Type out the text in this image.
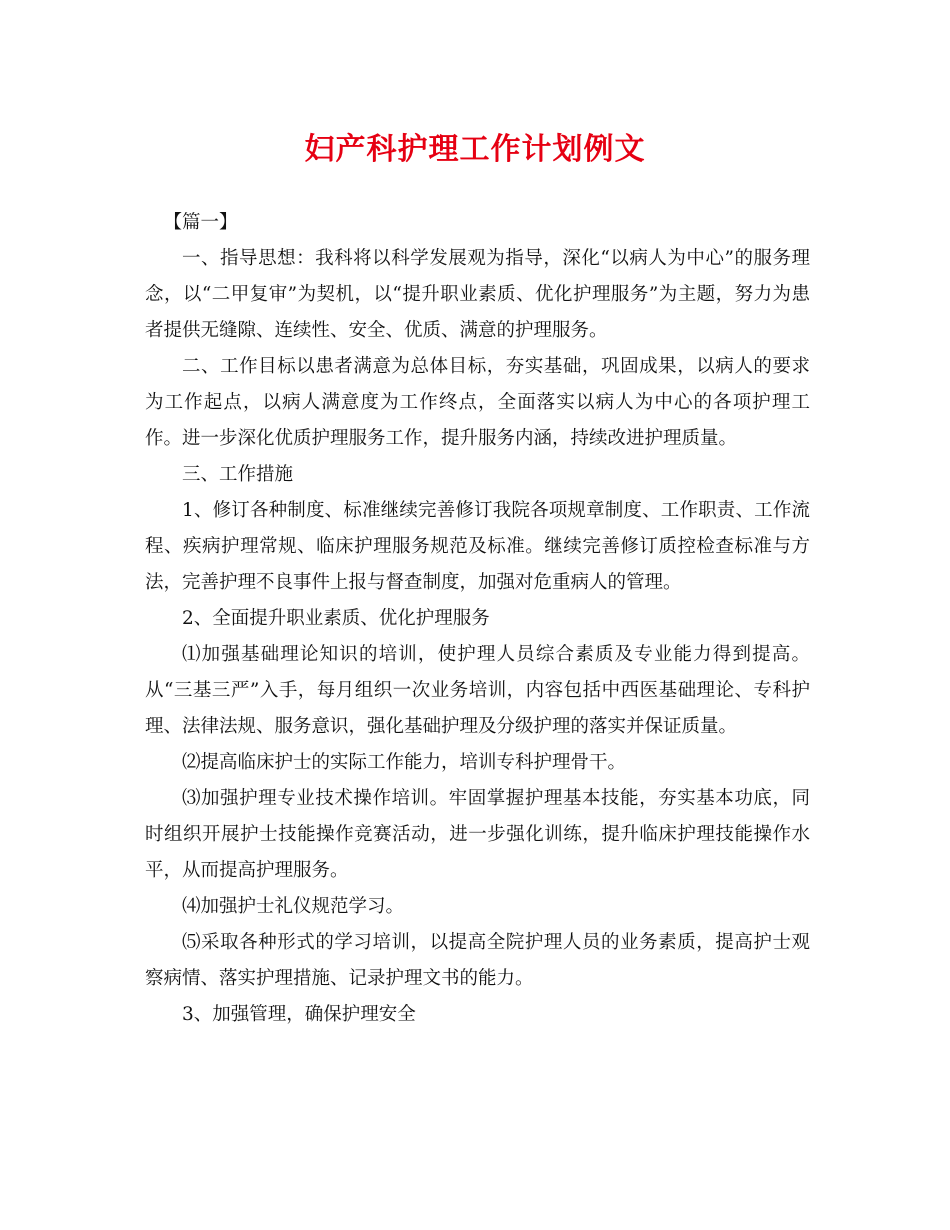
妇产科护理工作计划例文

【篇一】

一、指导思想：我科将以科学发展观为指导，深化“以病人为中心”的服务理念，以“二甲复审”为契机，以“提升职业素质、优化护理服务”为主题，努力为患者提供无缝隙、连续性、安全、优质、满意的护理服务。

二、工作目标以患者满意为总体目标，夯实基础，巩固成果，以病人的要求为工作起点，以病人满意度为工作终点，全面落实以病人为中心的各项护理工作。进一步深化优质护理服务工作，提升服务内涵，持续改进护理质量。

三、工作措施

1、修订各种制度、标准继续完善修订我院各项规章制度、工作职责、工作流程、疾病护理常规、临床护理服务规范及标准。继续完善修订质控检查标准与方法，完善护理不良事件上报与督查制度，加强对危重病人的管理。

2、全面提升职业素质、优化护理服务

⑴加强基础理论知识的培训，使护理人员综合素质及专业能力得到提高。从“三基三严”入手，每月组织一次业务培训，内容包括中西医基础理论、专科护理、法律法规、服务意识，强化基础护理及分级护理的落实并保证质量。

⑵提高临床护士的实际工作能力，培训专科护理骨干。

⑶加强护理专业技术操作培训。牢固掌握护理基本技能，夯实基本功底，同时组织开展护士技能操作竞赛活动，进一步强化训练，提升临床护理技能操作水平，从而提高护理服务。

⑷加强护士礼仪规范学习。

⑸采取各种形式的学习培训，以提高全院护理人员的业务素质，提高护士观察病情、落实护理措施、记录护理文书的能力。

3、加强管理，确保护理安全
